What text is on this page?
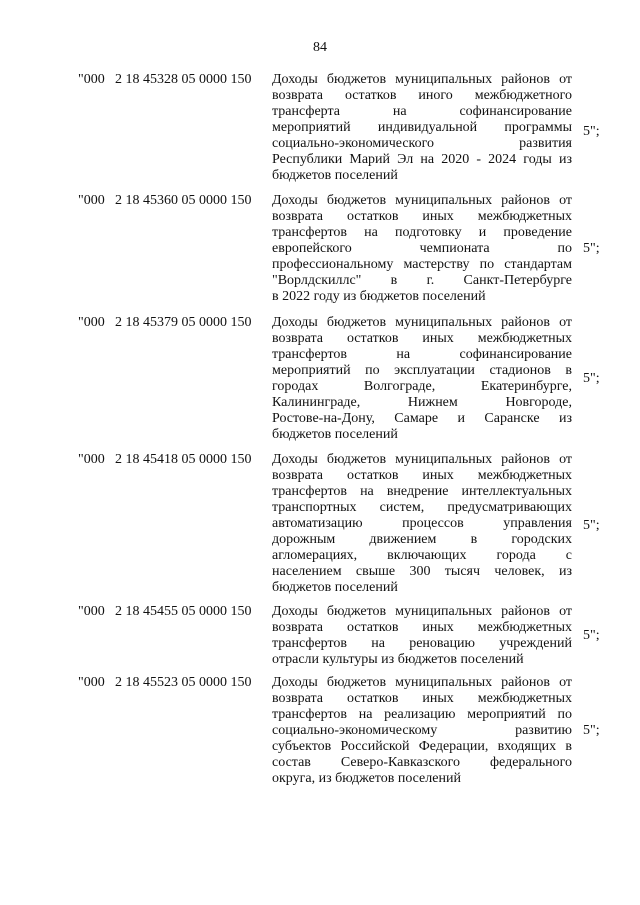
84
"000 2 18 45328 05 0000 150 Доходы бюджетов муниципальных районов от
возврата остатков иного межбюджетного
трансферта на софинансирование
мероприятий индивидуальной программы
социально-экономического развития
Республики Марий Эл на 2020 - 2024 годы из
бюджетов поселений
5";
"000 2 18 45360 05 0000 150 Доходы бюджетов муниципальных районов от
возврата остатков иных межбюджетных
трансфертов на подготовку и проведение
европейского чемпионата по
профессиональному мастерству по стандартам
"Ворлдскиллс" в г. Санкт-Петербурге
в 2022 году из бюджетов поселений
5";
"000 2 18 45379 05 0000 150 Доходы бюджетов муниципальных районов от
возврата остатков иных межбюджетных
трансфертов на софинансирование
мероприятий по эксплуатации стадионов в
городах Волгограде, Екатеринбурге,
Калининграде, Нижнем Новгороде,
Ростове-на-Дону, Самаре и Саранске из
бюджетов поселений
5";
"000 2 18 45418 05 0000 150 Доходы бюджетов муниципальных районов от
возврата остатков иных межбюджетных
трансфертов на внедрение интеллектуальных
транспортных систем, предусматривающих
автоматизацию процессов управления
дорожным движением в городских
агломерациях, включающих города с
населением свыше 300 тысяч человек, из
бюджетов поселений
5";
"000 2 18 45455 05 0000 150 Доходы бюджетов муниципальных районов от
возврата остатков иных межбюджетных
трансфертов на реновацию учреждений
отрасли культуры из бюджетов поселений
5";
"000 2 18 45523 05 0000 150 Доходы бюджетов муниципальных районов от
возврата остатков иных межбюджетных
трансфертов на реализацию мероприятий по
социально-экономическому развитию
субъектов Российской Федерации, входящих в
состав Северо-Кавказского федерального
округа, из бюджетов поселений
5";
